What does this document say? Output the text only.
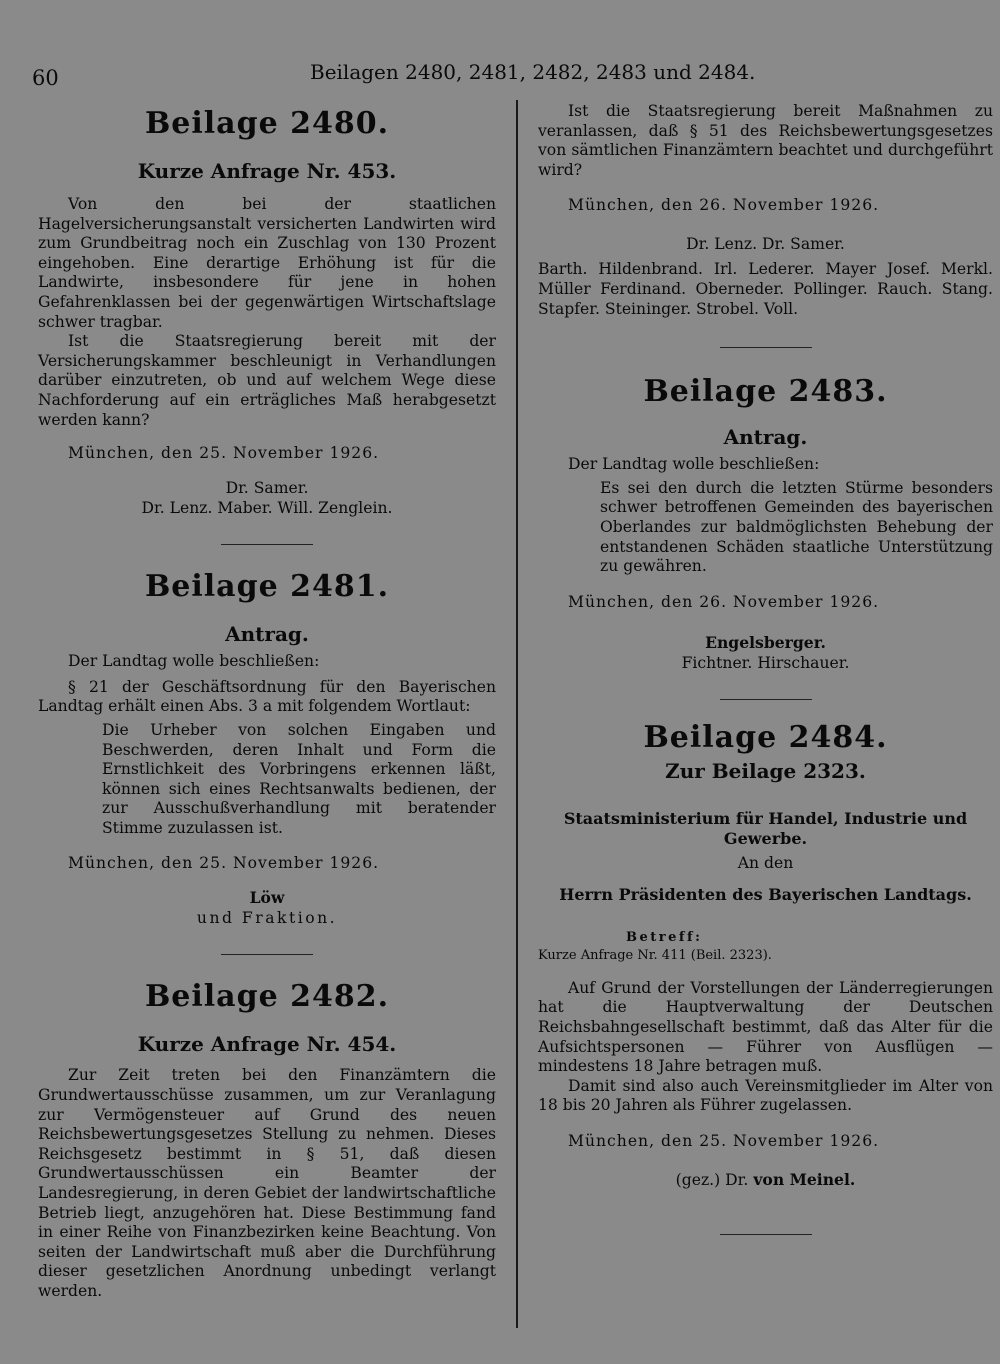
60	Beilagen 2480, 2481, 2482, 2483 und 2484.
Beilage 2480.
Kurze Anfrage Nr. 453.

Von den bei der staatlichen Hagelversicherungsanstalt versicherten Landwirten wird zum Grundbeitrag noch ein Zuschlag von 130 Prozent eingehoben. Eine derartige Erhöhung ist für die Landwirte, insbesondere für jene in hohen Gefahrenklassen bei der gegenwärtigen Wirtschaftslage schwer tragbar.

Ist die Staatsregierung bereit mit der Versicherungskammer beschleunigt in Verhandlungen darüber einzutreten, ob und auf welchem Wege diese Nachforderung auf ein erträgliches Maß herabgesetzt werden kann?

München, den 25. November 1926.

Dr. Samer.

Dr. Lenz. Maber. Will. Zenglein.

Beilage 2481.
Antrag.

Der Landtag wolle beschließen:

§ 21 der Geschäftsordnung für den Bayerischen Landtag erhält einen Abs. 3 a mit folgendem Wortlaut:

Die Urheber von solchen Eingaben und Beschwerden, deren Inhalt und Form die Ernstlichkeit des Vorbringens erkennen läßt, können sich eines Rechtsanwalts bedienen, der zur Ausschußverhandlung mit beratender Stimme zuzulassen ist.

München, den 25. November 1926.

Löw

und Fraktion.

Beilage 2482.
Kurze Anfrage Nr. 454.

Zur Zeit treten bei den Finanzämtern die Grundwertausschüsse zusammen, um zur Veranlagung zur Vermögensteuer auf Grund des neuen Reichsbewertungsgesetzes Stellung zu nehmen. Dieses Reichsgesetz bestimmt in § 51, daß diesen Grundwertausschüssen ein Beamter der Landesregierung, in deren Gebiet der landwirtschaftliche Betrieb liegt, anzugehören hat. Diese Bestimmung fand in einer Reihe von Finanzbezirken keine Beachtung. Von seiten der Landwirtschaft muß aber die Durchführung dieser gesetzlichen Anordnung unbedingt verlangt werden.

Ist die Staatsregierung bereit Maßnahmen zu veranlassen, daß § 51 des Reichsbewertungsgesetzes von sämtlichen Finanzämtern beachtet und durchgeführt wird?

München, den 26. November 1926.

Dr. Lenz. Dr. Samer.

Barth. Hildenbrand. Irl. Lederer. Mayer Josef. Merkl. Müller Ferdinand. Oberneder. Pollinger. Rauch. Stang. Stapfer. Steininger. Strobel. Voll.

Beilage 2483.
Antrag.

Der Landtag wolle beschließen:

Es sei den durch die letzten Stürme besonders schwer betroffenen Gemeinden des bayerischen Oberlandes zur baldmöglichsten Behebung der entstandenen Schäden staatliche Unterstützung zu gewähren.

München, den 26. November 1926.

Engelsberger.

Fichtner. Hirschauer.

Beilage 2484.
Zur Beilage 2323.

Staatsministerium für Handel, Industrie und Gewerbe.

An den

Herrn Präsidenten des Bayerischen Landtags.

Betreff:

Kurze Anfrage Nr. 411 (Beil. 2323).

Auf Grund der Vorstellungen der Länderregierungen hat die Hauptverwaltung der Deutschen Reichsbahngesellschaft bestimmt, daß das Alter für die Aufsichtspersonen — Führer von Ausflügen — mindestens 18 Jahre betragen muß.

Damit sind also auch Vereinsmitglieder im Alter von 18 bis 20 Jahren als Führer zugelassen.

München, den 25. November 1926.

(gez.) Dr. von Meinel.
